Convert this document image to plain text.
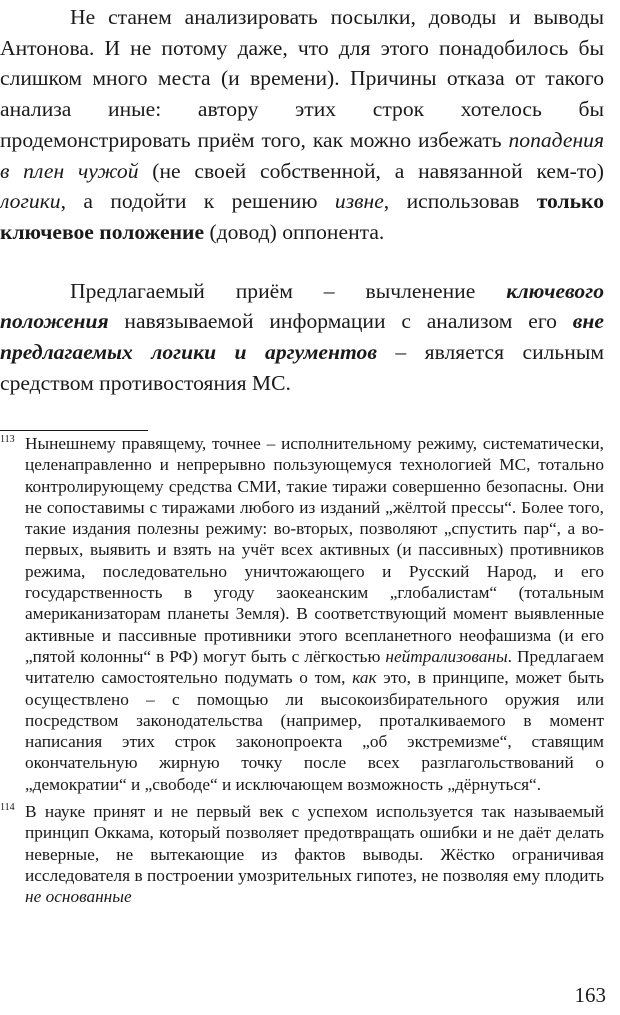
Не станем анализировать посылки, доводы и выводы Антонова. И не потому даже, что для этого понадобилось бы слишком много места (и времени). Причины отказа от такого анализа иные: автору этих строк хотелось бы продемонстрировать приём того, как можно избежать попадения в плен чужой (не своей собственной, а навязанной кем-то) логики, а подойти к решению извне, использовав только ключевое положение (довод) оппонента.

Предлагаемый приём – вычленение ключевого положения навязываемой информации с анализом его вне предлагаемых логики и аргументов – является сильным средством противостояния МС.

113 Нынешнему правящему, точнее – исполнительному режиму, систематически, целенаправленно и непрерывно пользующемуся технологией МС, тотально контролирующему средства СМИ, такие тиражи совершенно безопасны. Они не сопоставимы с тиражами любого из изданий „жёлтой прессы“. Более того, такие издания полезны режиму: во-вторых, позволяют „спустить пар“, а во-первых, выявить и взять на учёт всех активных (и пассивных) противников режима, последовательно уничтожающего и Русский Народ, и его государственность в угоду заокеанским „глобалистам“ (тотальным американизаторам планеты Земля). В соответствующий момент выявленные активные и пассивные противники этого всепланетного неофашизма (и его „пятой колонны“ в РФ) могут быть с лёгкостью нейтрализованы. Предлагаем читателю самостоятельно подумать о том, как это, в принципе, может быть осуществлено – с помощью ли высокоизбирательного оружия или посредством законодательства (например, проталкиваемого в момент написания этих строк законопроекта „об экстремизме“, ставящим окончательную жирную точку после всех разглагольствований о „демократии“ и „свободе“ и исключающем возможность „дёрнуться“.

114 В науке принят и не первый век с успехом используется так называемый принцип Оккама, который позволяет предотвращать ошибки и не даёт делать неверные, не вытекающие из фактов выводы. Жёстко ограничивая исследователя в построении умозрительных гипотез, не позволяя ему плодить не основанные

163
